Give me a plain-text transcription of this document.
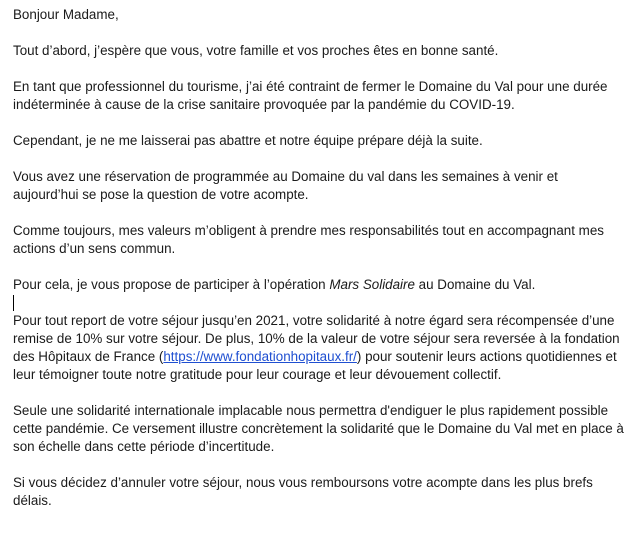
Bonjour Madame,

Tout d’abord, j’espère que vous, votre famille et vos proches êtes en bonne santé.

En tant que professionnel du tourisme, j’ai été contraint de fermer le Domaine du Val pour une durée indéterminée à cause de la crise sanitaire provoquée par la pandémie du COVID-19.

Cependant, je ne me laisserai pas abattre et notre équipe prépare déjà la suite.

Vous avez une réservation de programmée au Domaine du val dans les semaines à venir et aujourd’hui se pose la question de votre acompte.

Comme toujours, mes valeurs m’obligent à prendre mes responsabilités tout en accompagnant mes actions d’un sens commun.

Pour cela, je vous propose de participer à l’opération Mars Solidaire au Domaine du Val.

Pour tout report de votre séjour jusqu’en 2021, votre solidarité à notre égard sera récompensée d’une remise de 10% sur votre séjour. De plus, 10% de la valeur de votre séjour sera reversée à la fondation des Hôpitaux de France (https://www.fondationhopitaux.fr/) pour soutenir leurs actions quotidiennes et leur témoigner toute notre gratitude pour leur courage et leur dévouement collectif.

Seule une solidarité internationale implacable nous permettra d'endiguer le plus rapidement possible cette pandémie. Ce versement illustre concrètement la solidarité que le Domaine du Val met en place à son échelle dans cette période d’incertitude.

Si vous décidez d’annuler votre séjour, nous vous remboursons votre acompte dans les plus brefs délais.
